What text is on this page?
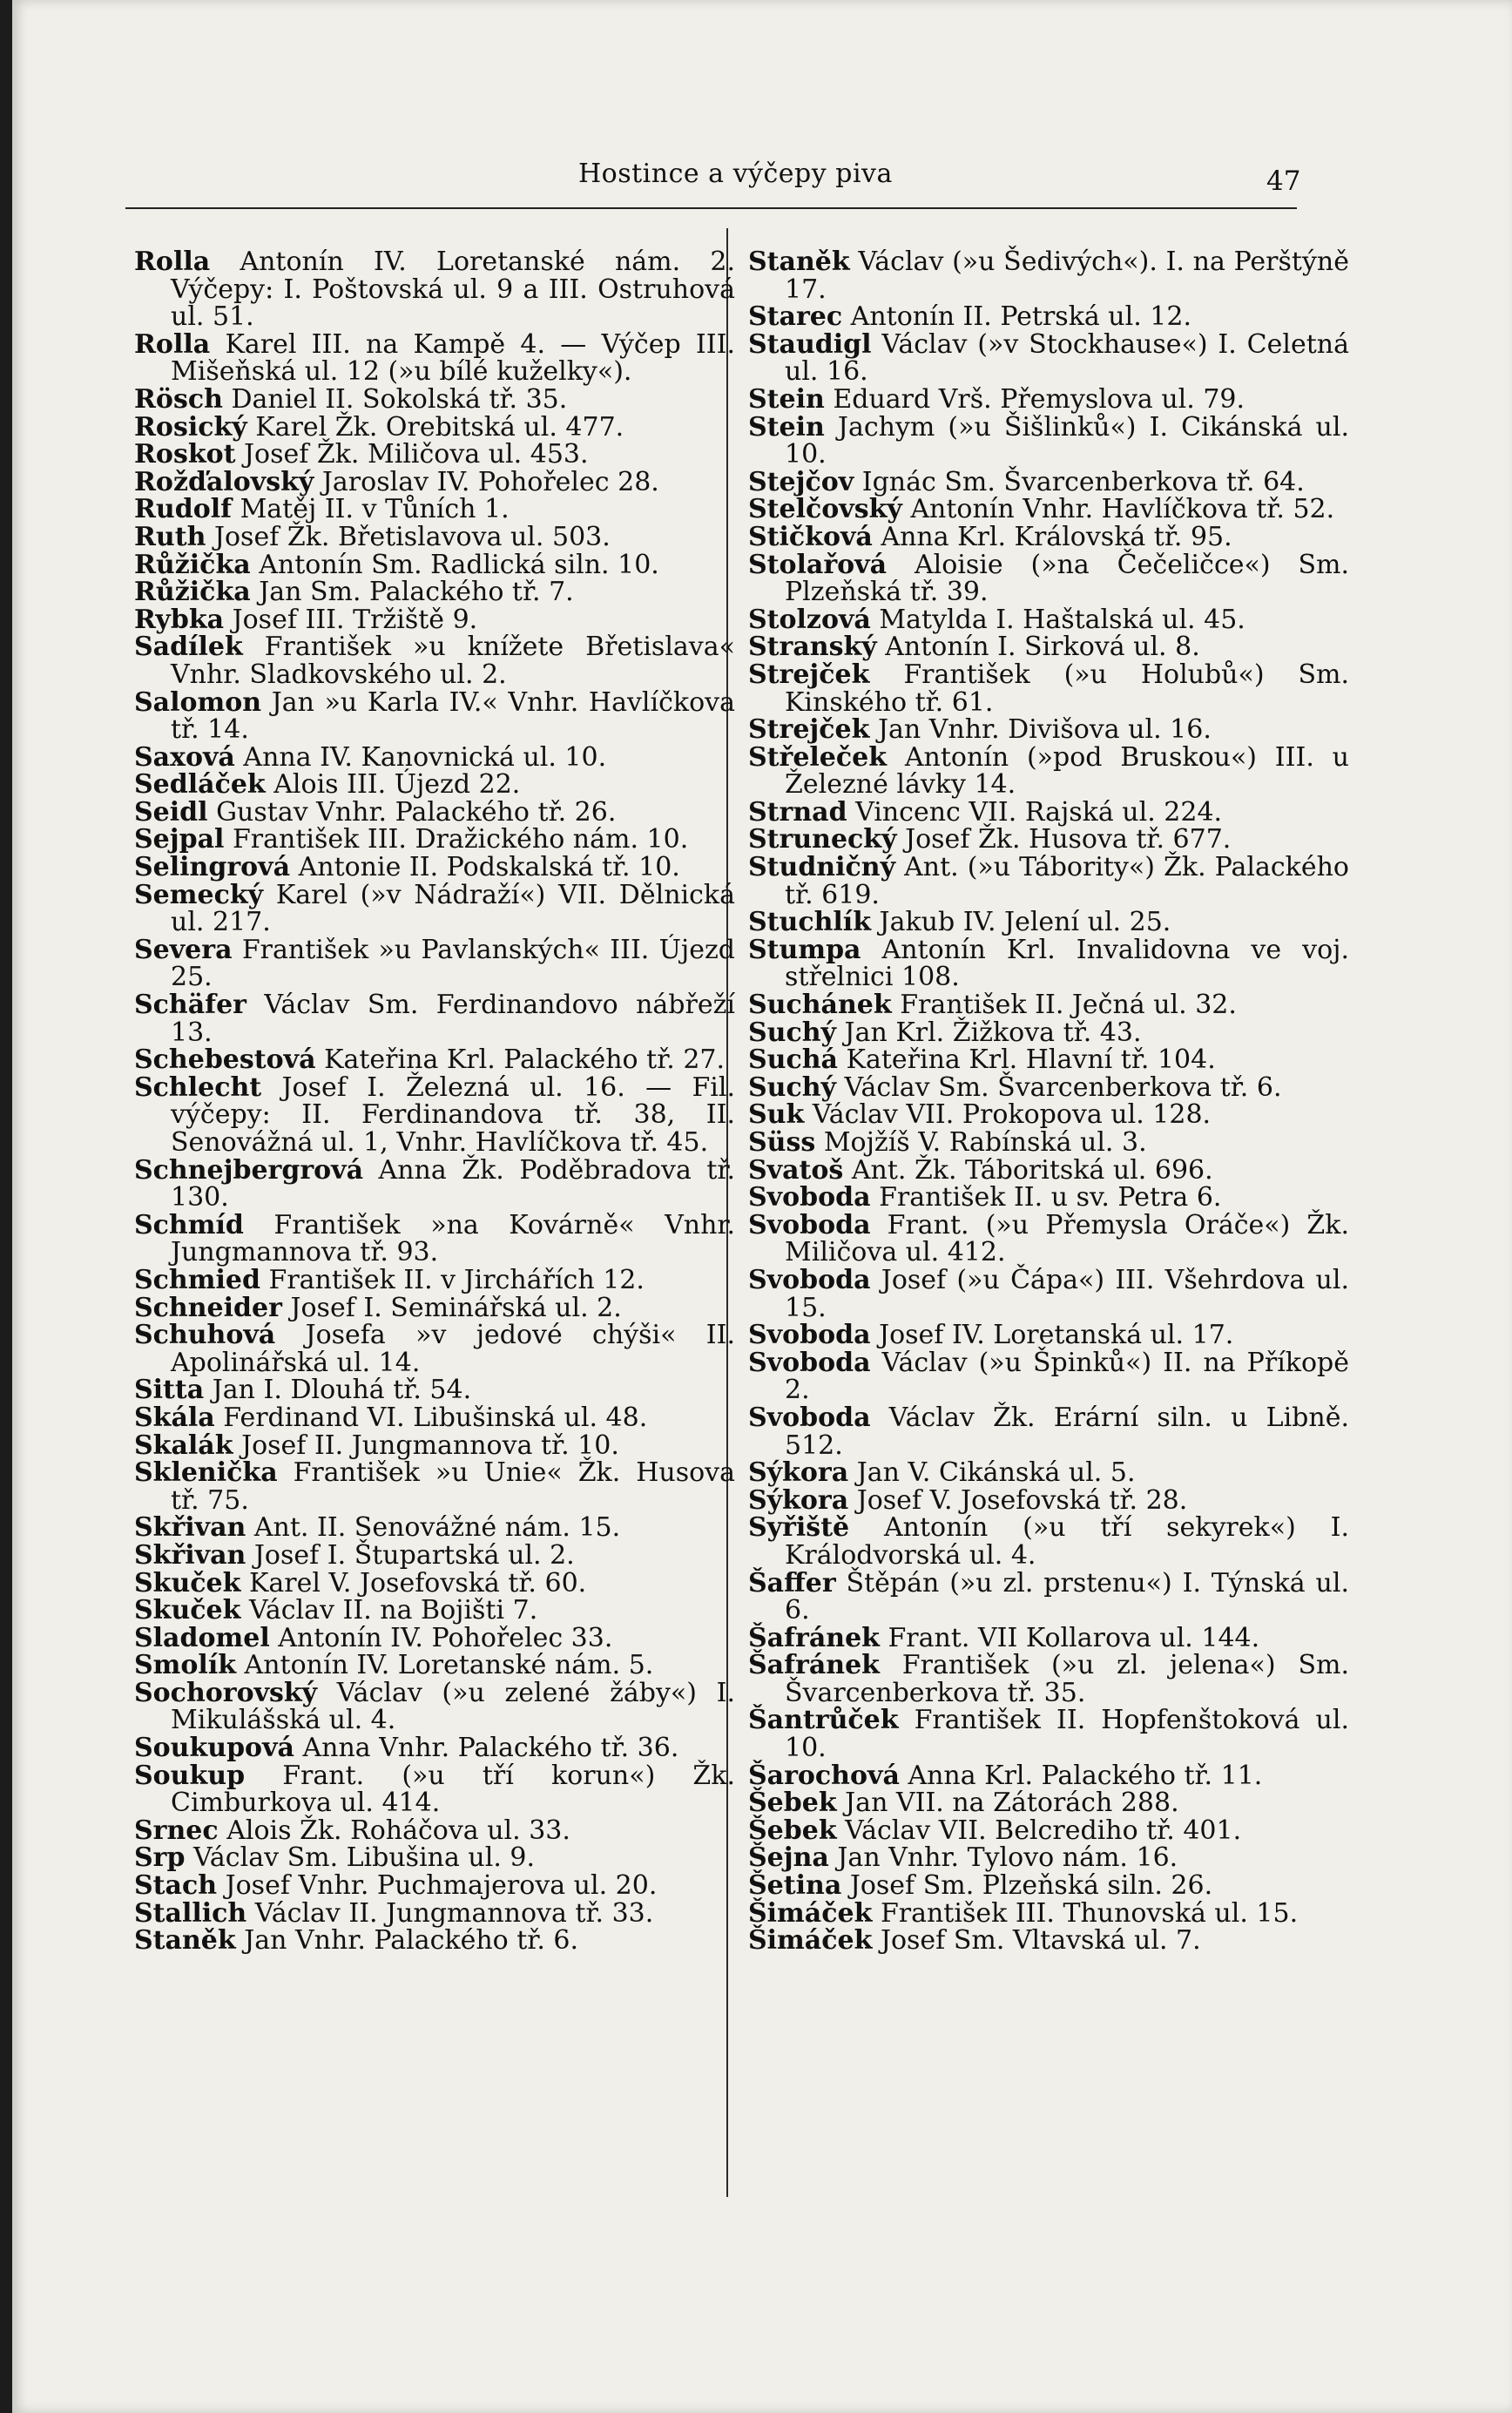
Hostince a výčepy piva	47
Rolla Antonín IV. Loretanské nám. 2. Výčepy: I. Poštovská ul. 9 a III. Ostruhová ul. 51.
Rolla Karel III. na Kampě 4. — Výčep III. Mišeňská ul. 12 (»u bílé kuželky«).
Rösch Daniel II. Sokolská tř. 35.
Rosický Karel Žk. Orebitská ul. 477.
Roskot Josef Žk. Miličova ul. 453.
Rožďalovský Jaroslav IV. Pohořelec 28.
Rudolf Matěj II. v Tůních 1.
Ruth Josef Žk. Břetislavova ul. 503.
Růžička Antonín Sm. Radlická siln. 10.
Růžička Jan Sm. Palackého tř. 7.
Rybka Josef III. Tržiště 9.
Sadílek František »u knížete Břetislava« Vnhr. Sladkovského ul. 2.
Salomon Jan »u Karla IV.« Vnhr. Havlíčkova tř. 14.
Saxová Anna IV. Kanovnická ul. 10.
Sedláček Alois III. Újezd 22.
Seidl Gustav Vnhr. Palackého tř. 26.
Sejpal František III. Dražického nám. 10.
Selingrová Antonie II. Podskalská tř. 10.
Semecký Karel (»v Nádraží«) VII. Dělnická ul. 217.
Severa František »u Pavlanských« III. Újezd 25.
Schäfer Václav Sm. Ferdinandovo nábřeží 13.
Schebestová Kateřina Krl. Palackého tř. 27.
Schlecht Josef I. Železná ul. 16. — Fil. výčepy: II. Ferdinandova tř. 38, II. Senovážná ul. 1, Vnhr. Havlíčkova tř. 45.
Schnejbergrová Anna Žk. Poděbradova tř. 130.
Schmíd František »na Kovárně« Vnhr. Jungmannova tř. 93.
Schmied František II. v Jirchářích 12.
Schneider Josef I. Seminářská ul. 2.
Schuhová Josefa »v jedové chýši« II. Apolinářská ul. 14.
Sitta Jan I. Dlouhá tř. 54.
Skála Ferdinand VI. Libušinská ul. 48.
Skalák Josef II. Jungmannova tř. 10.
Sklenička František »u Unie« Žk. Husova tř. 75.
Skřivan Ant. II. Senovážné nám. 15.
Skřivan Josef I. Štupartská ul. 2.
Skuček Karel V. Josefovská tř. 60.
Skuček Václav II. na Bojišti 7.
Sladomel Antonín IV. Pohořelec 33.
Smolík Antonín IV. Loretanské nám. 5.
Sochorovský Václav (»u zelené žáby«) I. Mikulášská ul. 4.
Soukupová Anna Vnhr. Palackého tř. 36.
Soukup Frant. (»u tří korun«) Žk. Cimburkova ul. 414.
Srnec Alois Žk. Roháčova ul. 33.
Srp Václav Sm. Libušina ul. 9.
Stach Josef Vnhr. Puchmajerova ul. 20.
Stallich Václav II. Jungmannova tř. 33.
Staněk Jan Vnhr. Palackého tř. 6.
Staněk Václav (»u Šedivých«). I. na Perštýně 17.
Starec Antonín II. Petrská ul. 12.
Staudigl Václav (»v Stockhause«) I. Celetná ul. 16.
Stein Eduard Vrš. Přemyslova ul. 79.
Stein Jachym (»u Šišlinků«) I. Cikánská ul. 10.
Stejčov Ignác Sm. Švarcenberkova tř. 64.
Stelčovský Antonín Vnhr. Havlíčkova tř. 52.
Stičková Anna Krl. Královská tř. 95.
Stolařová Aloisie (»na Čečeličce«) Sm. Plzeňská tř. 39.
Stolzová Matylda I. Haštalská ul. 45.
Stranský Antonín I. Sirková ul. 8.
Strejček František (»u Holubů«) Sm. Kinského tř. 61.
Strejček Jan Vnhr. Divišova ul. 16.
Střeleček Antonín (»pod Bruskou«) III. u Železné lávky 14.
Strnad Vincenc VII. Rajská ul. 224.
Strunecký Josef Žk. Husova tř. 677.
Studničný Ant. (»u Tábority«) Žk. Palackého tř. 619.
Stuchlík Jakub IV. Jelení ul. 25.
Stumpa Antonín Krl. Invalidovna ve voj. střelnici 108.
Suchánek František II. Ječná ul. 32.
Suchý Jan Krl. Žižkova tř. 43.
Suchá Kateřina Krl. Hlavní tř. 104.
Suchý Václav Sm. Švarcenberkova tř. 6.
Suk Václav VII. Prokopova ul. 128.
Süss Mojžíš V. Rabínská ul. 3.
Svatoš Ant. Žk. Táboritská ul. 696.
Svoboda František II. u sv. Petra 6.
Svoboda Frant. (»u Přemysla Oráče«) Žk. Miličova ul. 412.
Svoboda Josef (»u Čápa«) III. Všehrdova ul. 15.
Svoboda Josef IV. Loretanská ul. 17.
Svoboda Václav (»u Špinků«) II. na Příkopě 2.
Svoboda Václav Žk. Erární siln. u Libně. 512.
Sýkora Jan V. Cikánská ul. 5.
Sýkora Josef V. Josefovská tř. 28.
Syřiště Antonín (»u tří sekyrek«) I. Králodvorská ul. 4.
Šaffer Štěpán (»u zl. prstenu«) I. Týnská ul. 6.
Šafránek Frant. VII Kollarova ul. 144.
Šafránek František (»u zl. jelena«) Sm. Švarcenberkova tř. 35.
Šantrůček František II. Hopfenštoková ul. 10.
Šarochová Anna Krl. Palackého tř. 11.
Šebek Jan VII. na Zátorách 288.
Šebek Václav VII. Belcrediho tř. 401.
Šejna Jan Vnhr. Tylovo nám. 16.
Šetina Josef Sm. Plzeňská siln. 26.
Šimáček František III. Thunovská ul. 15.
Šimáček Josef Sm. Vltavská ul. 7.
